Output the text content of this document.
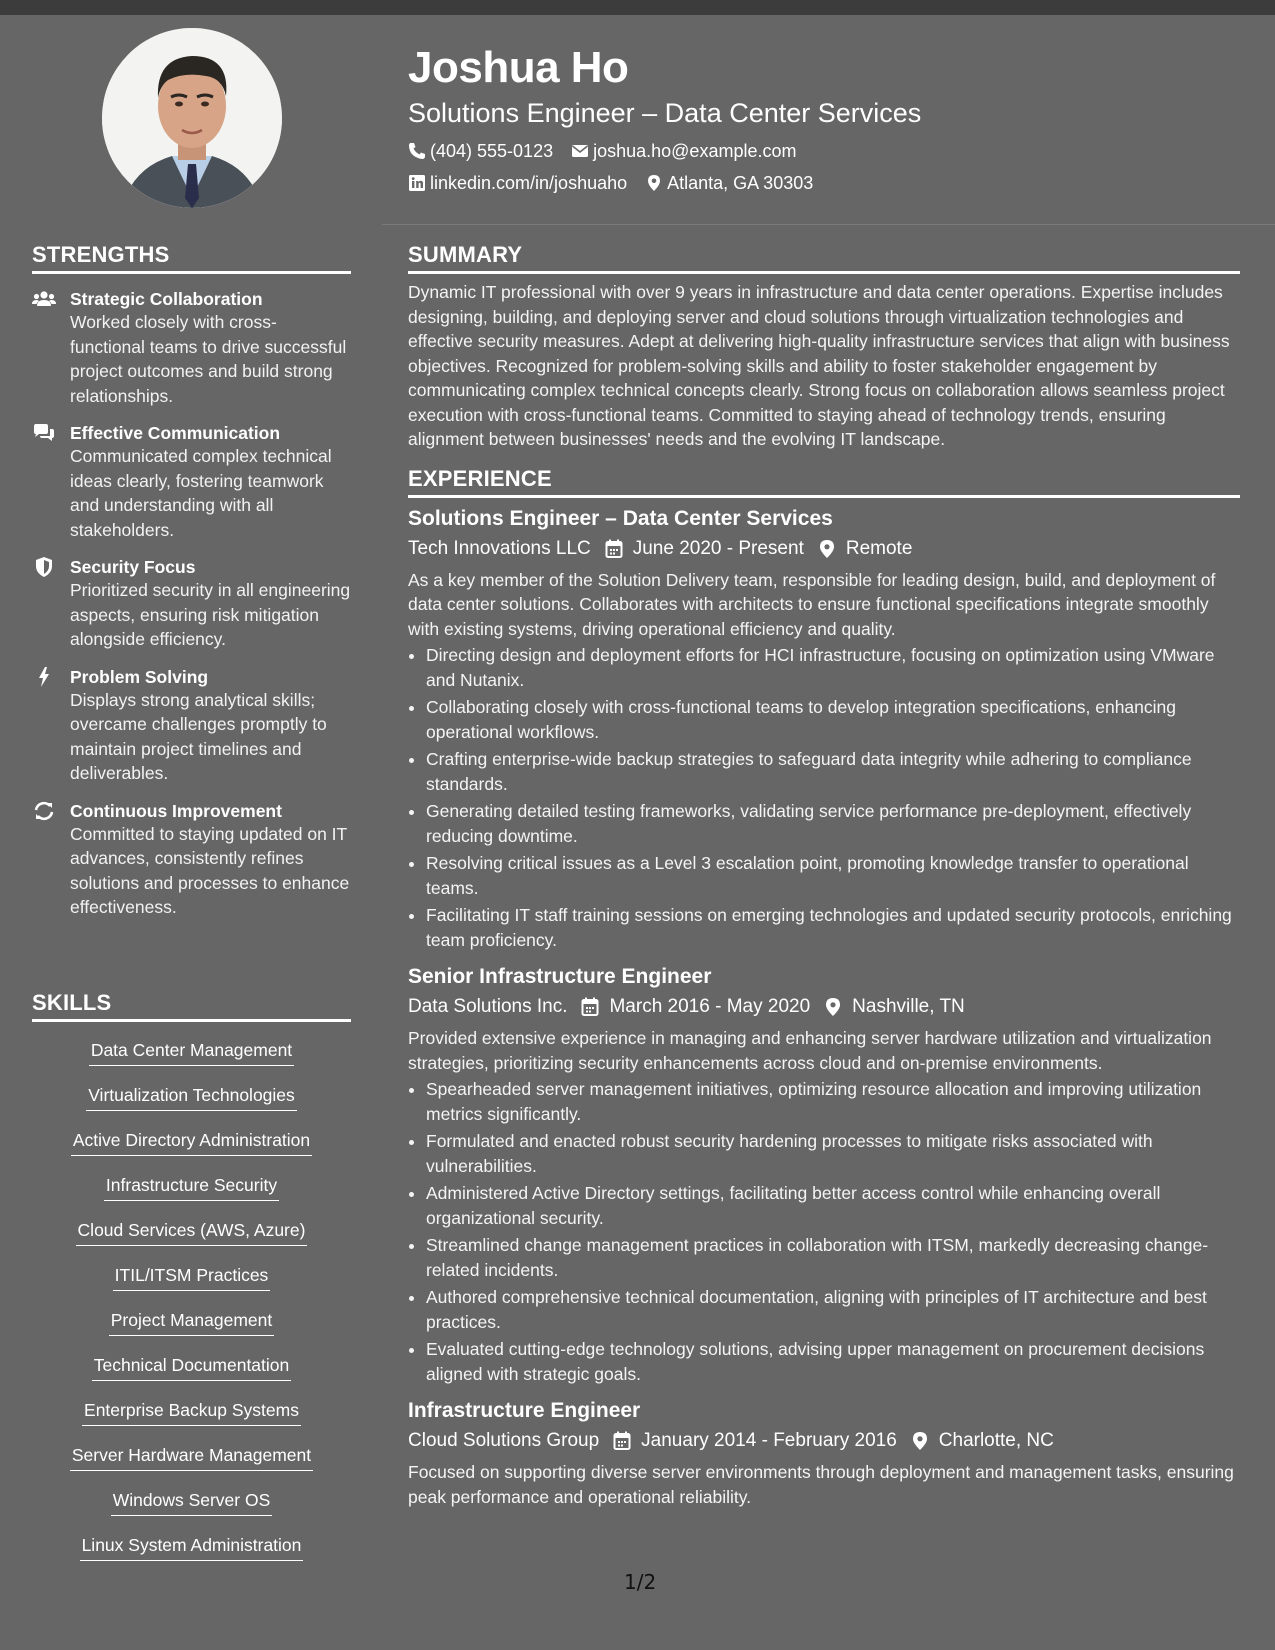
STRENGTHS
Strategic Collaboration
Worked closely with cross-functional teams to drive successful project outcomes and build strong relationships.
Effective Communication
Communicated complex technical ideas clearly, fostering teamwork and understanding with all stakeholders.
Security Focus
Prioritized security in all engineering aspects, ensuring risk mitigation alongside efficiency.
Problem Solving
Displays strong analytical skills; overcame challenges promptly to maintain project timelines and deliverables.
Continuous Improvement
Committed to staying updated on IT advances, consistently refines solutions and processes to enhance effectiveness.
SKILLS
Data Center Management
Virtualization Technologies
Active Directory Administration
Infrastructure Security
Cloud Services (AWS, Azure)
ITIL/ITSM Practices
Project Management
Technical Documentation
Enterprise Backup Systems
Server Hardware Management
Windows Server OS
Linux System Administration
Joshua Ho
Solutions Engineer – Data Center Services
(404) 555-0123 joshua.ho@example.com
linkedin.com/in/joshuaho Atlanta, GA 30303
SUMMARY
Dynamic IT professional with over 9 years in infrastructure and data center operations. Expertise includes designing, building, and deploying server and cloud solutions through virtualization technologies and effective security measures. Adept at delivering high-quality infrastructure services that align with business objectives. Recognized for problem-solving skills and ability to foster stakeholder engagement by communicating complex technical concepts clearly. Strong focus on collaboration allows seamless project execution with cross-functional teams. Committed to staying ahead of technology trends, ensuring alignment between businesses' needs and the evolving IT landscape.
EXPERIENCE
Solutions Engineer – Data Center Services
Tech Innovations LLC June 2020 - Present Remote
As a key member of the Solution Delivery team, responsible for leading design, build, and deployment of data center solutions. Collaborates with architects to ensure functional specifications integrate smoothly with existing systems, driving operational efficiency and quality.
• Directing design and deployment efforts for HCI infrastructure, focusing on optimization using VMware and Nutanix.
• Collaborating closely with cross-functional teams to develop integration specifications, enhancing operational workflows.
• Crafting enterprise-wide backup strategies to safeguard data integrity while adhering to compliance standards.
• Generating detailed testing frameworks, validating service performance pre-deployment, effectively reducing downtime.
• Resolving critical issues as a Level 3 escalation point, promoting knowledge transfer to operational teams.
• Facilitating IT staff training sessions on emerging technologies and updated security protocols, enriching team proficiency.
Senior Infrastructure Engineer
Data Solutions Inc. March 2016 - May 2020 Nashville, TN
Provided extensive experience in managing and enhancing server hardware utilization and virtualization strategies, prioritizing security enhancements across cloud and on-premise environments.
• Spearheaded server management initiatives, optimizing resource allocation and improving utilization metrics significantly.
• Formulated and enacted robust security hardening processes to mitigate risks associated with vulnerabilities.
• Administered Active Directory settings, facilitating better access control while enhancing overall organizational security.
• Streamlined change management practices in collaboration with ITSM, markedly decreasing change-related incidents.
• Authored comprehensive technical documentation, aligning with principles of IT architecture and best practices.
• Evaluated cutting-edge technology solutions, advising upper management on procurement decisions aligned with strategic goals.
Infrastructure Engineer
Cloud Solutions Group January 2014 - February 2016 Charlotte, NC
Focused on supporting diverse server environments through deployment and management tasks, ensuring peak performance and operational reliability.
1/2
